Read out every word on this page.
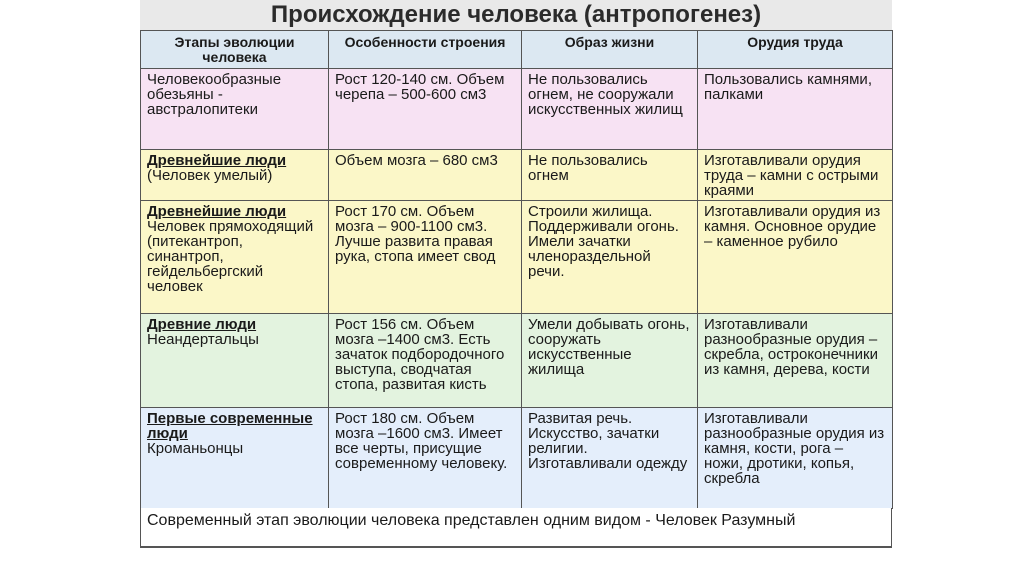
Происхождение человека (антропогенез)
Этапы эволюции человека	Особенности строения	Образ жизни	Орудия труда

Человекообразные обезьяны - австралопитеки	Рост 120-140 см. Объем черепа – 500-600 см3	Не пользовались огнем, не сооружали искусственных жилищ	Пользовались камнями, палками

Древнейшие люди
(Человек умелый)	Объем мозга – 680 см3	Не пользовались огнем	Изготавливали орудия труда – камни с острыми краями

Древнейшие люди
Человек прямоходящий (питекантроп, синантроп, гейдельбергский человек	Рост 170 см. Объем мозга – 900-1100 см3. Лучше развита правая рука, стопа имеет свод	Строили жилища. Поддерживали огонь. Имели зачатки членораздельной речи.	Изготавливали орудия из камня. Основное орудие – каменное рубило

Древние люди
Неандертальцы	Рост 156 см. Объем мозга –1400 см3. Есть зачаток подбородочного выступа, сводчатая стопа, развитая кисть	Умели добывать огонь, сооружать искусственные жилища	Изготавливали разнообразные орудия – скребла, остроконечники из камня, дерева, кости

Первые современные люди
Кроманьонцы	Рост 180 см. Объем мозга –1600 см3. Имеет все черты, присущие современному человеку.	Развитая речь. Искусство, зачатки религии. Изготавливали одежду	Изготавливали разнообразные орудия из камня, кости, рога – ножи, дротики, копья, скребла
Современный этап эволюции человека представлен одним видом - Человек Разумный
